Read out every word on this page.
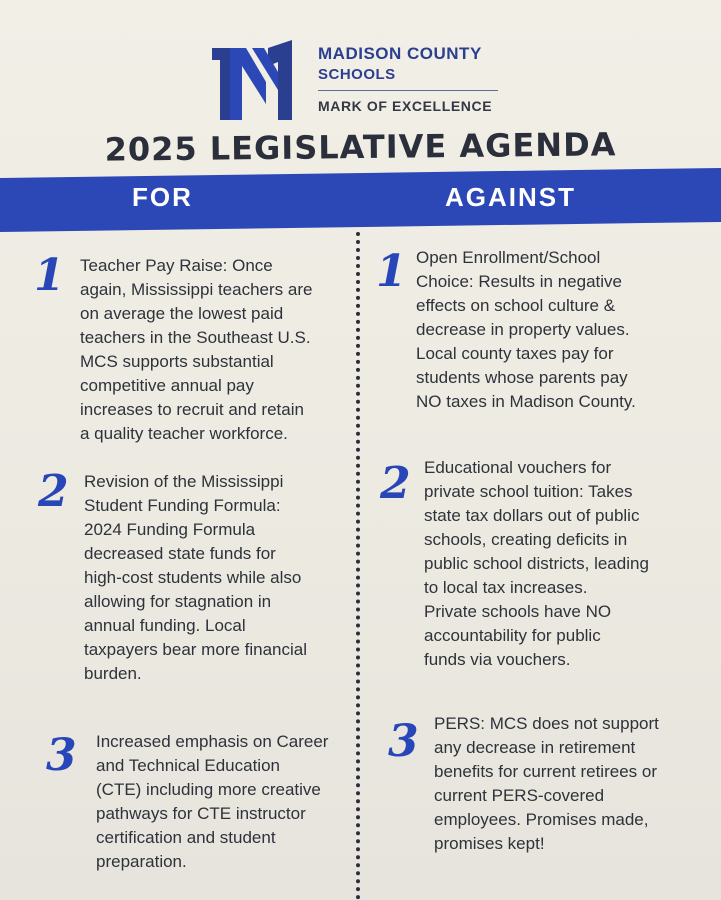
MADISON COUNTY
SCHOOLS
MARK OF EXCELLENCE
2025 LEGISLATIVE AGENDA
FOR	AGAINST
1 Teacher Pay Raise: Once
again, Mississippi teachers are
on average the lowest paid
teachers in the Southeast U.S.
MCS supports substantial
competitive annual pay
increases to recruit and retain
a quality teacher workforce.
2 Revision of the Mississippi
Student Funding Formula:
2024 Funding Formula
decreased state funds for
high-cost students while also
allowing for stagnation in
annual funding. Local
taxpayers bear more financial
burden.
3 Increased emphasis on Career
and Technical Education
(CTE) including more creative
pathways for CTE instructor
certification and student
preparation.
1 Open Enrollment/School
Choice: Results in negative
effects on school culture &
decrease in property values.
Local county taxes pay for
students whose parents pay
NO taxes in Madison County.
2 Educational vouchers for
private school tuition: Takes
state tax dollars out of public
schools, creating deficits in
public school districts, leading
to local tax increases.
Private schools have NO
accountability for public
funds via vouchers.
3 PERS: MCS does not support
any decrease in retirement
benefits for current retirees or
current PERS-covered
employees. Promises made,
promises kept!
